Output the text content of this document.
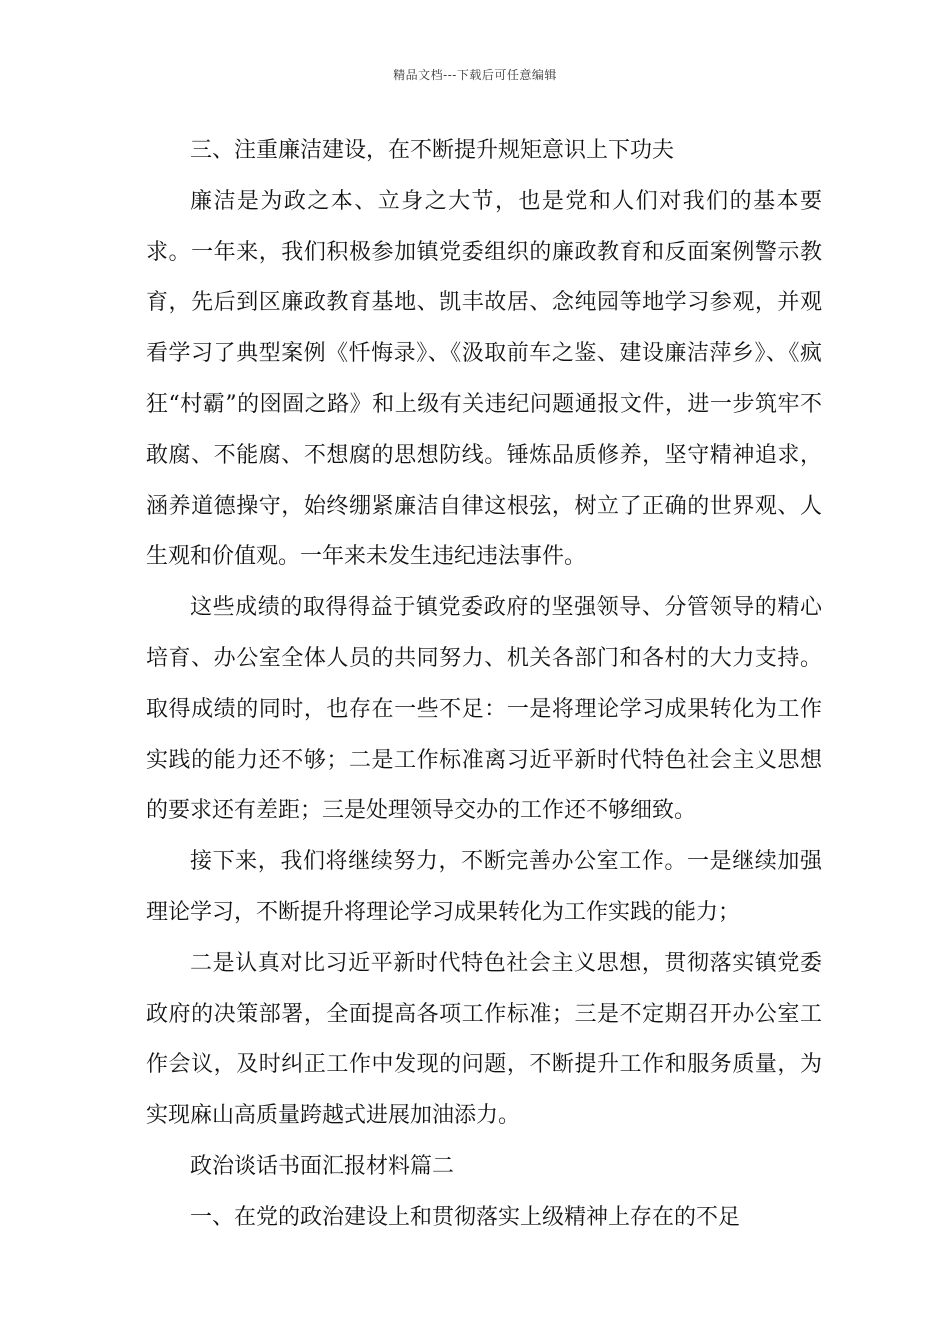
精品文档---下载后可任意编辑

三、注重廉洁建设，在不断提升规矩意识上下功夫

廉洁是为政之本、立身之大节，也是党和人们对我们的基本要求。一年来，我们积极参加镇党委组织的廉政教育和反面案例警示教育，先后到区廉政教育基地、凯丰故居、念纯园等地学习参观，并观看学习了典型案例《忏悔录》、《汲取前车之鉴、建设廉洁萍乡》、《疯狂“村霸”的囹圄之路》和上级有关违纪问题通报文件，进一步筑牢不敢腐、不能腐、不想腐的思想防线。锤炼品质修养，坚守精神追求，涵养道德操守，始终绷紧廉洁自律这根弦，树立了正确的世界观、人生观和价值观。一年来未发生违纪违法事件。

这些成绩的取得得益于镇党委政府的坚强领导、分管领导的精心培育、办公室全体人员的共同努力、机关各部门和各村的大力支持。取得成绩的同时，也存在一些不足：一是将理论学习成果转化为工作实践的能力还不够；二是工作标准离习近平新时代特色社会主义思想的要求还有差距；三是处理领导交办的工作还不够细致。

接下来，我们将继续努力，不断完善办公室工作。一是继续加强理论学习，不断提升将理论学习成果转化为工作实践的能力；

二是认真对比习近平新时代特色社会主义思想，贯彻落实镇党委政府的决策部署，全面提高各项工作标准；三是不定期召开办公室工作会议，及时纠正工作中发现的问题，不断提升工作和服务质量，为实现麻山高质量跨越式进展加油添力。

政治谈话书面汇报材料篇二

一、在党的政治建设上和贯彻落实上级精神上存在的不足
